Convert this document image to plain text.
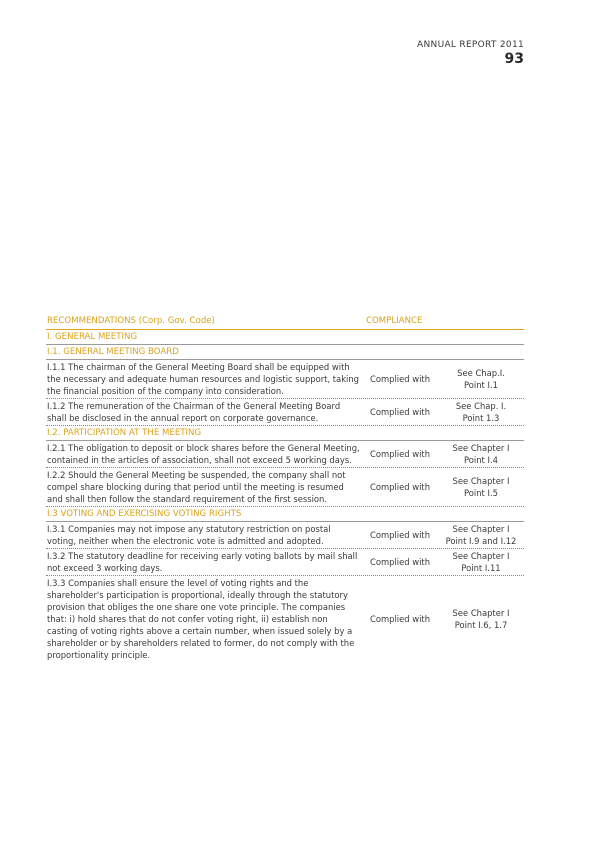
ANNUAL REPORT 2011
93
RECOMMENDATIONS (Corp. Gov. Code)	COMPLIANCE
I. GENERAL MEETING
I.1. GENERAL MEETING BOARD
I.1.1 The chairman of the General Meeting Board shall be equipped with the necessary and adequate human resources and logistic support, taking the financial position of the company into consideration.
Complied with
See Chap.I.
Point I.1
I.1.2 The remuneration of the Chairman of the General Meeting Board shall be disclosed in the annual report on corporate governance.
Complied with
See Chap. I.
Point 1.3
I.2. PARTICIPATION AT THE MEETING
I.2.1 The obligation to deposit or block shares before the General Meeting, contained in the articles of association, shall not exceed 5 working days.
Complied with
See Chapter I
Point I.4
I.2.2 Should the General Meeting be suspended, the company shall not compel share blocking during that period until the meeting is resumed and shall then follow the standard requirement of the first session.
Complied with
See Chapter I
Point I.5
I.3 VOTING AND EXERCISING VOTING RIGHTS
I.3.1 Companies may not impose any statutory restriction on postal voting, neither when the electronic vote is admitted and adopted.
Complied with
See Chapter I
Point I.9 and I.12
I.3.2 The statutory deadline for receiving early voting ballots by mail shall not exceed 3 working days.
Complied with
See Chapter I
Point I.11
I.3.3 Companies shall ensure the level of voting rights and the shareholder's participation is proportional, ideally through the statutory provision that obliges the one share one vote principle. The companies that: i) hold shares that do not confer voting right, ii) establish non casting of voting rights above a certain number, when issued solely by a shareholder or by shareholders related to former, do not comply with the proportionality principle.
Complied with
See Chapter I
Point I.6, 1.7
